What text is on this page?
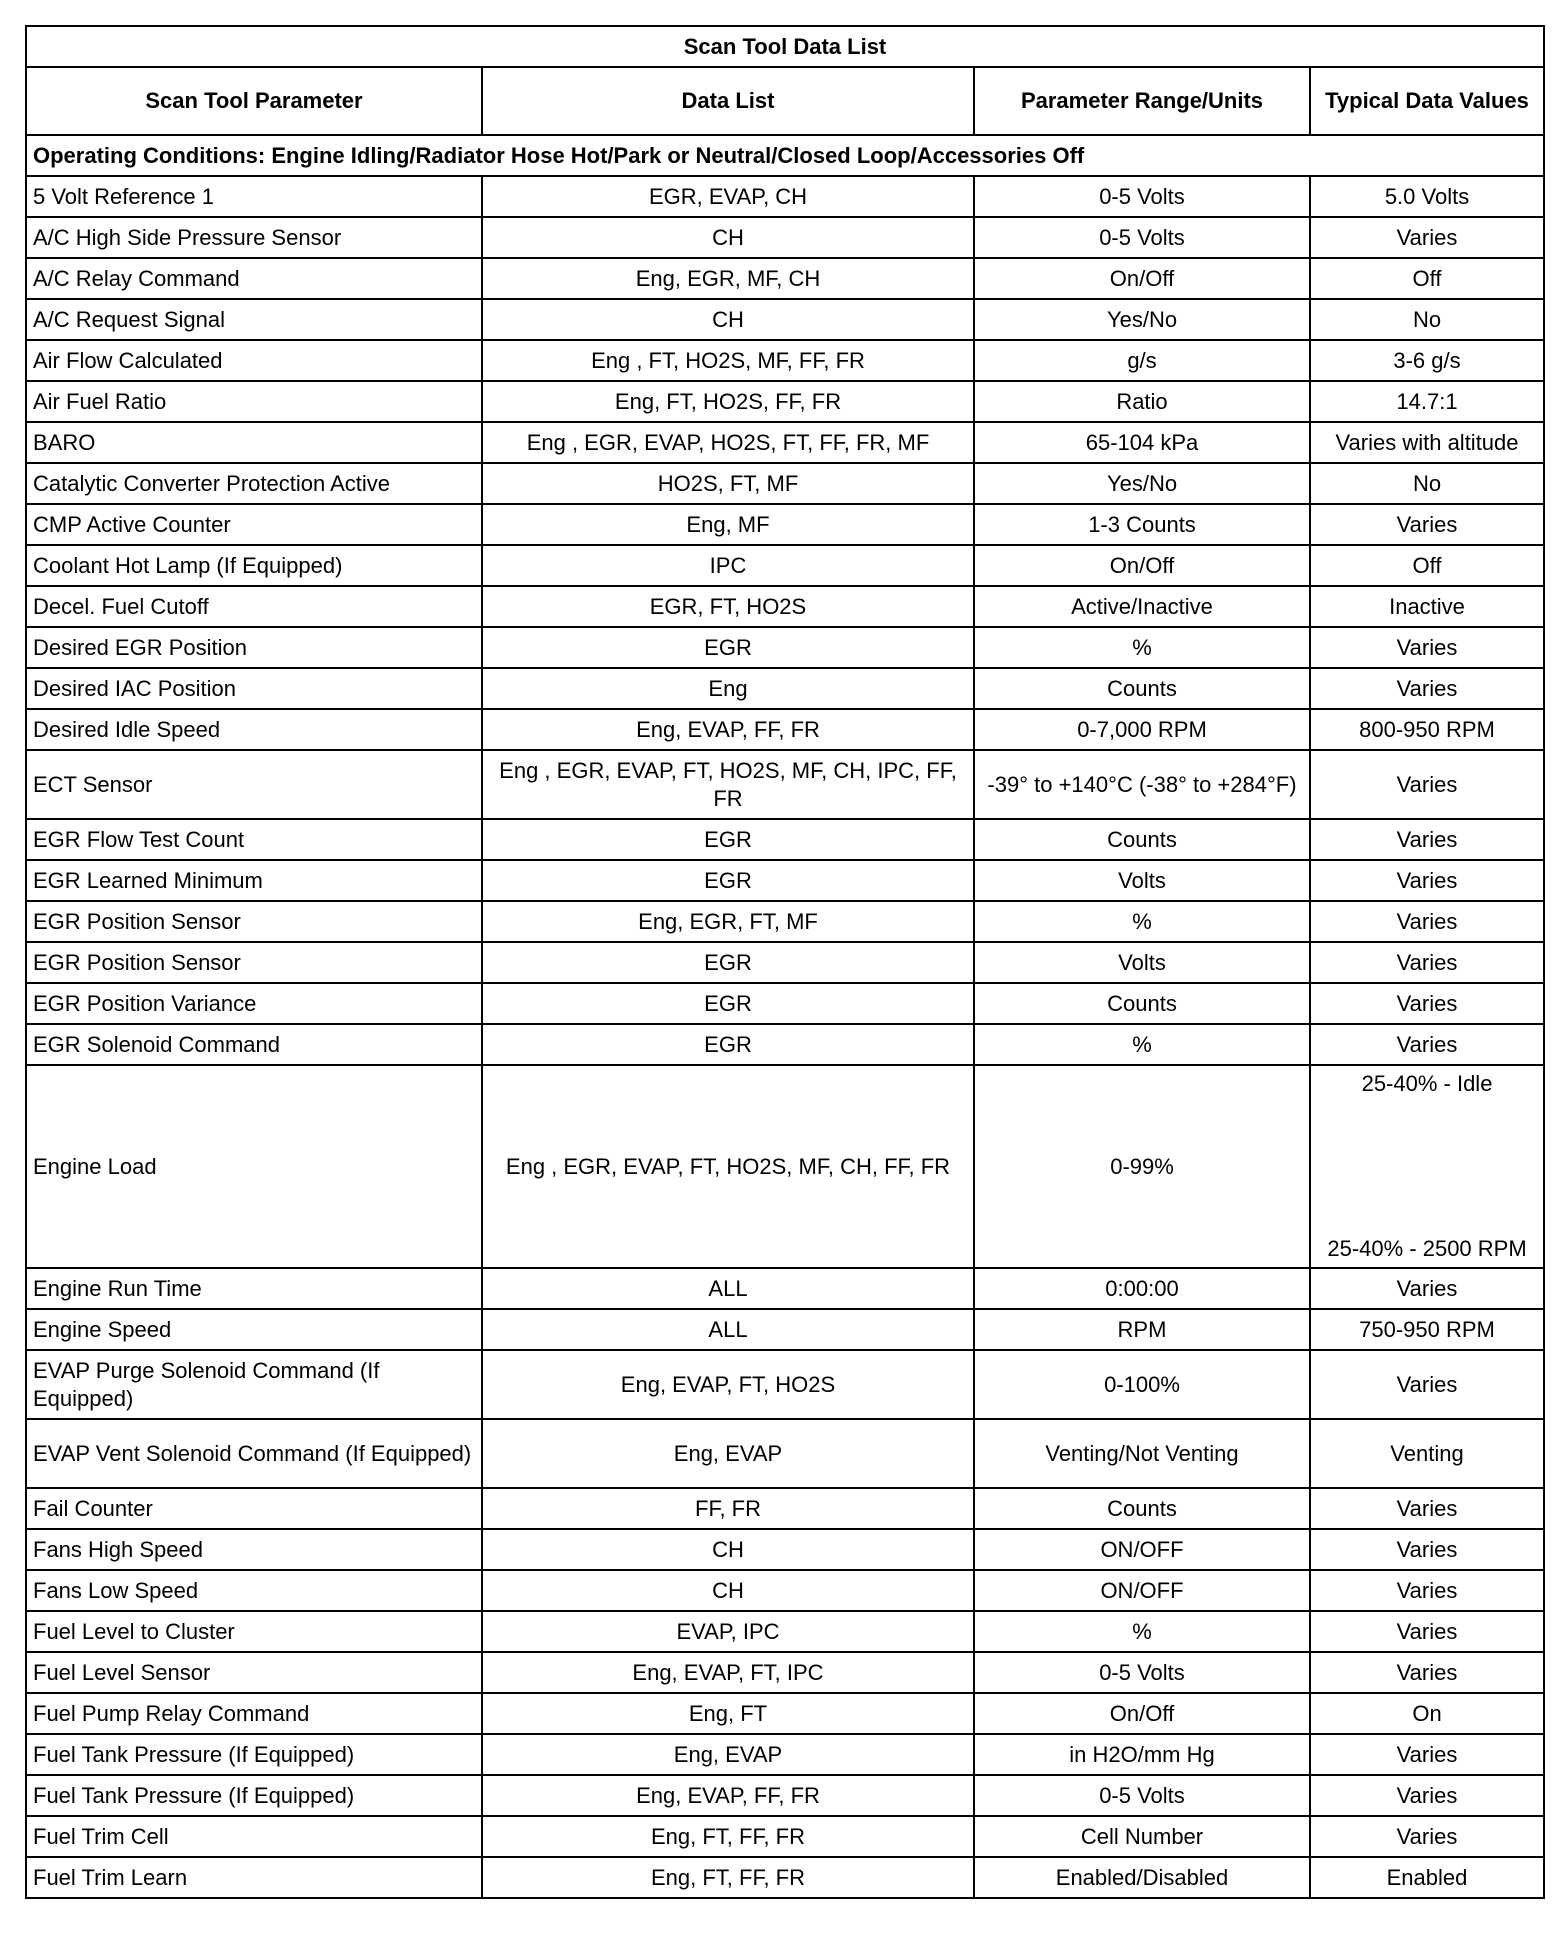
Scan Tool Data List			
Scan Tool Parameter	Data List	Parameter Range/Units	Typical Data Values
Operating Conditions: Engine Idling/Radiator Hose Hot/Park or Neutral/Closed Loop/Accessories Off			
5 Volt Reference 1	EGR, EVAP, CH	0-5 Volts	5.0 Volts
A/C High Side Pressure Sensor	CH	0-5 Volts	Varies
A/C Relay Command	Eng, EGR, MF, CH	On/Off	Off
A/C Request Signal	CH	Yes/No	No
Air Flow Calculated	Eng , FT, HO2S, MF, FF, FR	g/s	3-6 g/s
Air Fuel Ratio	Eng, FT, HO2S, FF, FR	Ratio	14.7:1
BARO	Eng , EGR, EVAP, HO2S, FT, FF, FR, MF	65-104 kPa	Varies with altitude
Catalytic Converter Protection Active	HO2S, FT, MF	Yes/No	No
CMP Active Counter	Eng, MF	1-3 Counts	Varies
Coolant Hot Lamp (If Equipped)	IPC	On/Off	Off
Decel. Fuel Cutoff	EGR, FT, HO2S	Active/Inactive	Inactive
Desired EGR Position	EGR	%	Varies
Desired IAC Position	Eng	Counts	Varies
Desired Idle Speed	Eng, EVAP, FF, FR	0-7,000 RPM	800-950 RPM
ECT Sensor	Eng , EGR, EVAP, FT, HO2S, MF, CH, IPC, FF, FR	-39° to +140°C (-38° to +284°F)	Varies
EGR Flow Test Count	EGR	Counts	Varies
EGR Learned Minimum	EGR	Volts	Varies
EGR Position Sensor	Eng, EGR, FT, MF	%	Varies
EGR Position Sensor	EGR	Volts	Varies
EGR Position Variance	EGR	Counts	Varies
EGR Solenoid Command	EGR	%	Varies
Engine Load	Eng , EGR, EVAP, FT, HO2S, MF, CH, FF, FR	0-99%	25-40% - Idle
25-40% - 2500 RPM

Engine Run Time	ALL	0:00:00	Varies
Engine Speed	ALL	RPM	750-950 RPM
EVAP Purge Solenoid Command (If Equipped)	Eng, EVAP, FT, HO2S	0-100%	Varies
EVAP Vent Solenoid Command (If Equipped)	Eng, EVAP	Venting/Not Venting	Venting
Fail Counter	FF, FR	Counts	Varies
Fans High Speed	CH	ON/OFF	Varies
Fans Low Speed	CH	ON/OFF	Varies
Fuel Level to Cluster	EVAP, IPC	%	Varies
Fuel Level Sensor	Eng, EVAP, FT, IPC	0-5 Volts	Varies
Fuel Pump Relay Command	Eng, FT	On/Off	On
Fuel Tank Pressure (If Equipped)	Eng, EVAP	in H2O/mm Hg	Varies
Fuel Tank Pressure (If Equipped)	Eng, EVAP, FF, FR	0-5 Volts	Varies
Fuel Trim Cell	Eng, FT, FF, FR	Cell Number	Varies
Fuel Trim Learn	Eng, FT, FF, FR	Enabled/Disabled	Enabled
